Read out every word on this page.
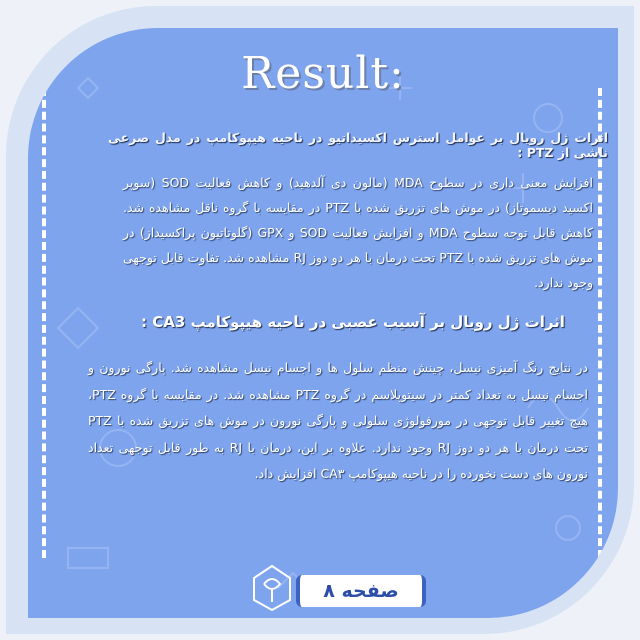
Result:
اثرات ژل رویال بر عوامل استرس اکسیداتیو در ناحیه هیپوکامپ در مدل صرعی ناشی از PTZ :
افزایش معنی داری در سطوح MDA (مالون دی آلدهید) و کاهش فعالیت SOD (سوپر اکسید دیسموتاز) در موش های تزریق شده با PTZ در مقایسه با گروه ناقل مشاهده شد. کاهش قابل توجه سطوح MDA و افزایش فعالیت SOD و GPX (گلوتاتیون پراکسیداز) در موش های تزریق شده با PTZ تحت درمان با هر دو دوز RJ مشاهده شد. تفاوت قابل توجهی وجود ندارد.
اثرات ژل رویال بر آسیب عصبی در ناحیه هیپوکامپ CA3 :
در نتایج رنگ آمیزی نیسل، چینش منظم سلول ها و اجسام نیسل مشاهده شد. پارگی نورون و اجسام نیسل به تعداد کمتر در سیتوپلاسم در گروه PTZ مشاهده شد. در مقایسه با گروه PTZ، هیچ تغییر قابل توجهی در مورفولوژی سلولی و پارگی نورون در موش های تزریق شده با PTZ تحت درمان با هر دو دوز RJ وجود ندارد. علاوه بر این، درمان با RJ به طور قابل توجهی تعداد نورون های دست نخورده را در ناحیه هیپوکامپ CA۳ افزایش داد.
صفحه ۸
